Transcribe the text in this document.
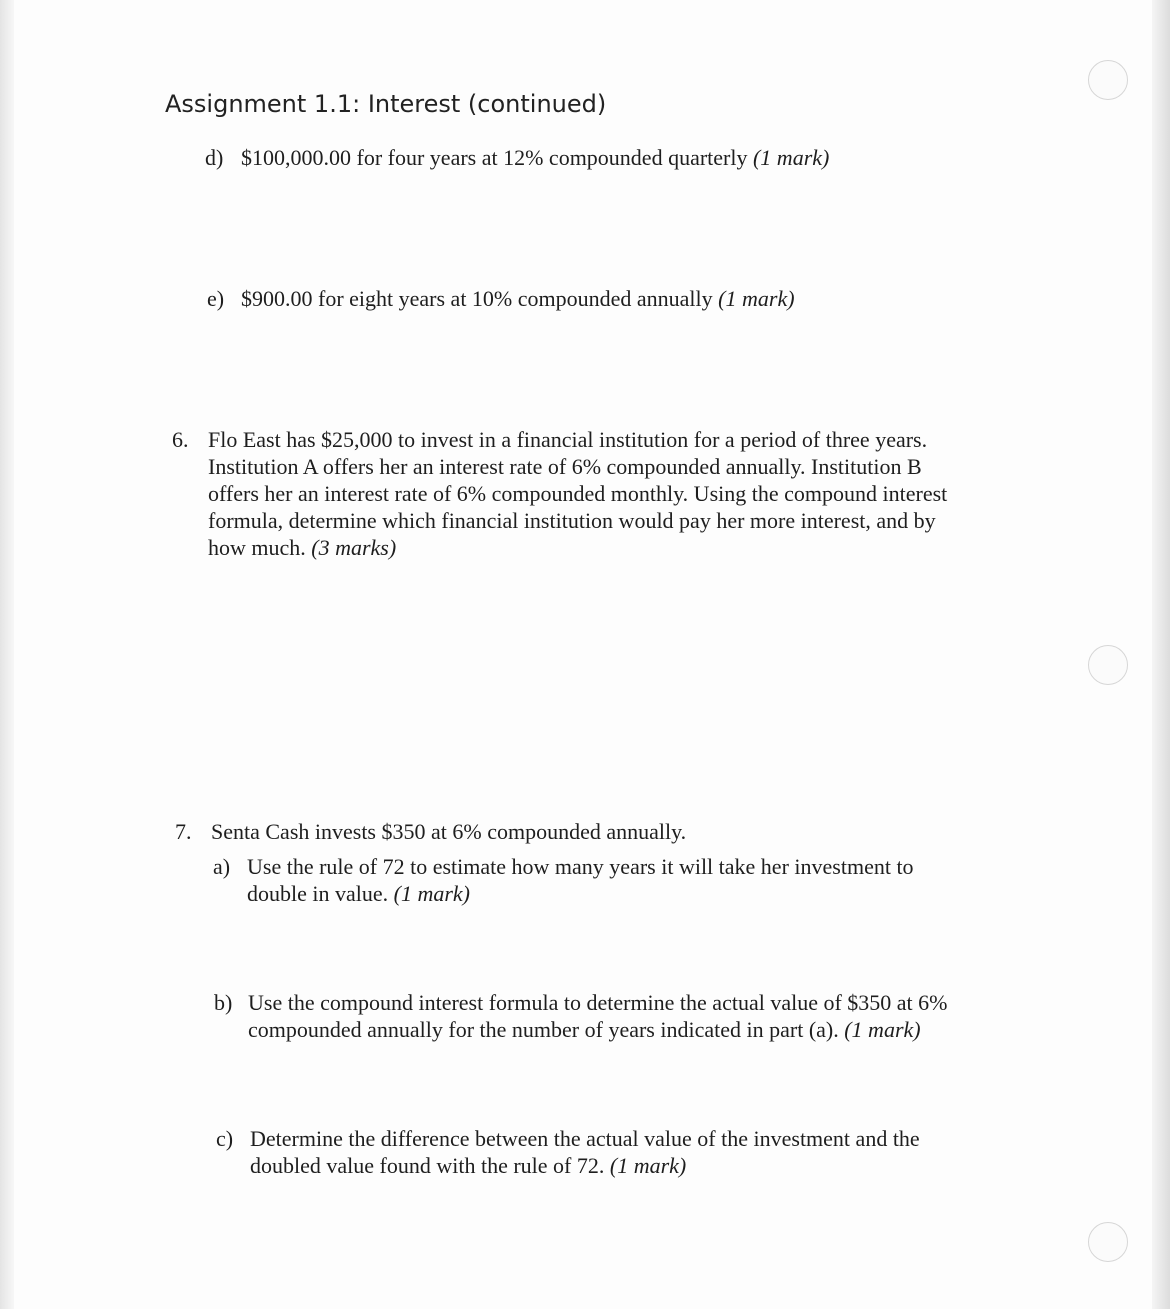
Assignment 1.1: Interest (continued)
d) $100,000.00 for four years at 12% compounded quarterly (1 mark)
e) $900.00 for eight years at 10% compounded annually (1 mark)
6. Flo East has $25,000 to invest in a financial institution for a period of three years.
Institution A offers her an interest rate of 6% compounded annually. Institution B
offers her an interest rate of 6% compounded monthly. Using the compound interest
formula, determine which financial institution would pay her more interest, and by
how much. (3 marks)
7. Senta Cash invests $350 at 6% compounded annually.
a) Use the rule of 72 to estimate how many years it will take her investment to
double in value. (1 mark)
b) Use the compound interest formula to determine the actual value of $350 at 6%
compounded annually for the number of years indicated in part (a). (1 mark)
c) Determine the difference between the actual value of the investment and the
doubled value found with the rule of 72. (1 mark)
